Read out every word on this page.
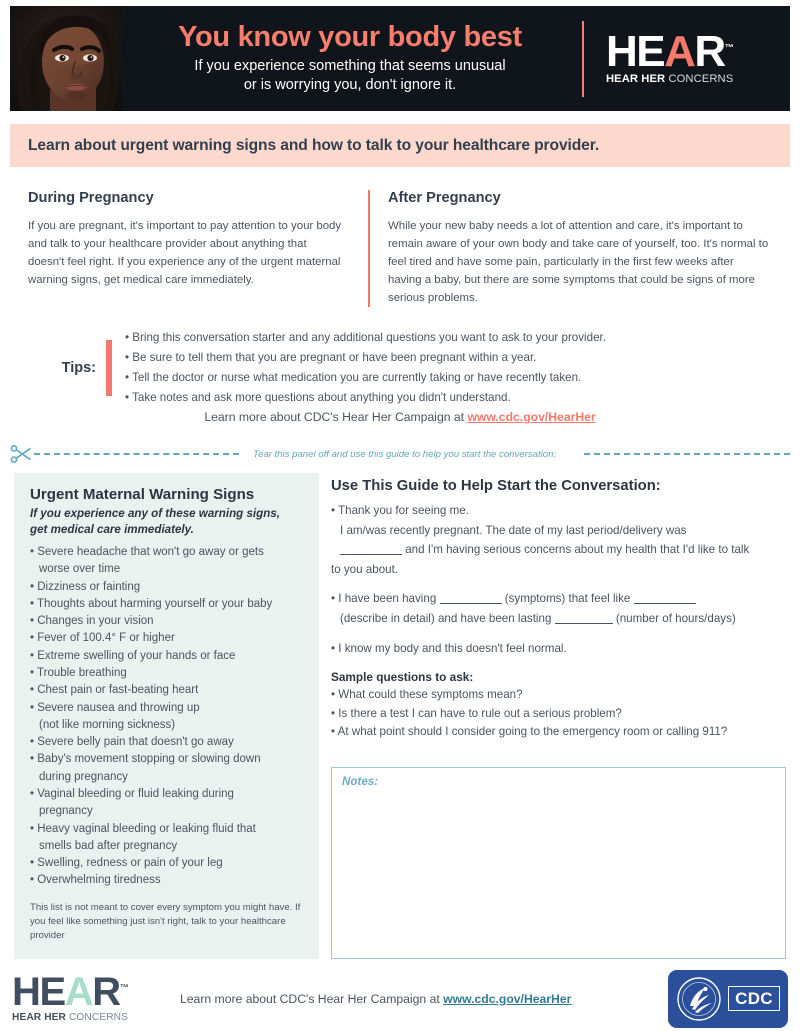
You know your body best
If you experience something that seems unusual
or is worrying you, don't ignore it.
HEAR™
HEAR HER CONCERNS
Learn about urgent warning signs and how to talk to your healthcare provider.
During Pregnancy
If you are pregnant, it's important to pay attention to your body and talk to your healthcare provider about anything that doesn't feel right. If you experience any of the urgent maternal warning signs, get medical care immediately.
After Pregnancy
While your new baby needs a lot of attention and care, it's important to remain aware of your own body and take care of yourself, too. It's normal to feel tired and have some pain, particularly in the first few weeks after having a baby, but there are some symptoms that could be signs of more serious problems.
Tips:
• Bring this conversation starter and any additional questions you want to ask to your provider.
• Be sure to tell them that you are pregnant or have been pregnant within a year.
• Tell the doctor or nurse what medication you are currently taking or have recently taken.
• Take notes and ask more questions about anything you didn't understand.
Learn more about CDC's Hear Her Campaign at www.cdc.gov/HearHer
Tear this panel off and use this guide to help you start the conversation:
Urgent Maternal Warning Signs
If you experience any of these warning signs,
get medical care immediately.
• Severe headache that won't go away or gets
worse over time
• Dizziness or fainting
• Thoughts about harming yourself or your baby
• Changes in your vision
• Fever of 100.4° F or higher
• Extreme swelling of your hands or face
• Trouble breathing
• Chest pain or fast-beating heart
• Severe nausea and throwing up
(not like morning sickness)
• Severe belly pain that doesn't go away
• Baby's movement stopping or slowing down
during pregnancy
• Vaginal bleeding or fluid leaking during
pregnancy
• Heavy vaginal bleeding or leaking fluid that
smells bad after pregnancy
• Swelling, redness or pain of your leg
• Overwhelming tiredness
This list is not meant to cover every symptom you might have. If you feel like something just isn't right, talk to your healthcare provider
Use This Guide to Help Start the Conversation:

• Thank you for seeing me.

I am/was recently pregnant. The date of my last period/delivery was

and I'm having serious concerns about my health that I'd like to talk

to you about.

• I have been having	(symptoms) that feel like

(describe in detail) and have been lasting	(number of hours/days)

• I know my body and this doesn't feel normal.

Sample questions to ask:
• What could these symptoms mean?
• Is there a test I can have to rule out a serious problem?
• At what point should I consider going to the emergency room or calling 911?
Notes:
HEAR™
HEAR HER CONCERNS
Learn more about CDC's Hear Her Campaign at www.cdc.gov/HearHer	CDC
